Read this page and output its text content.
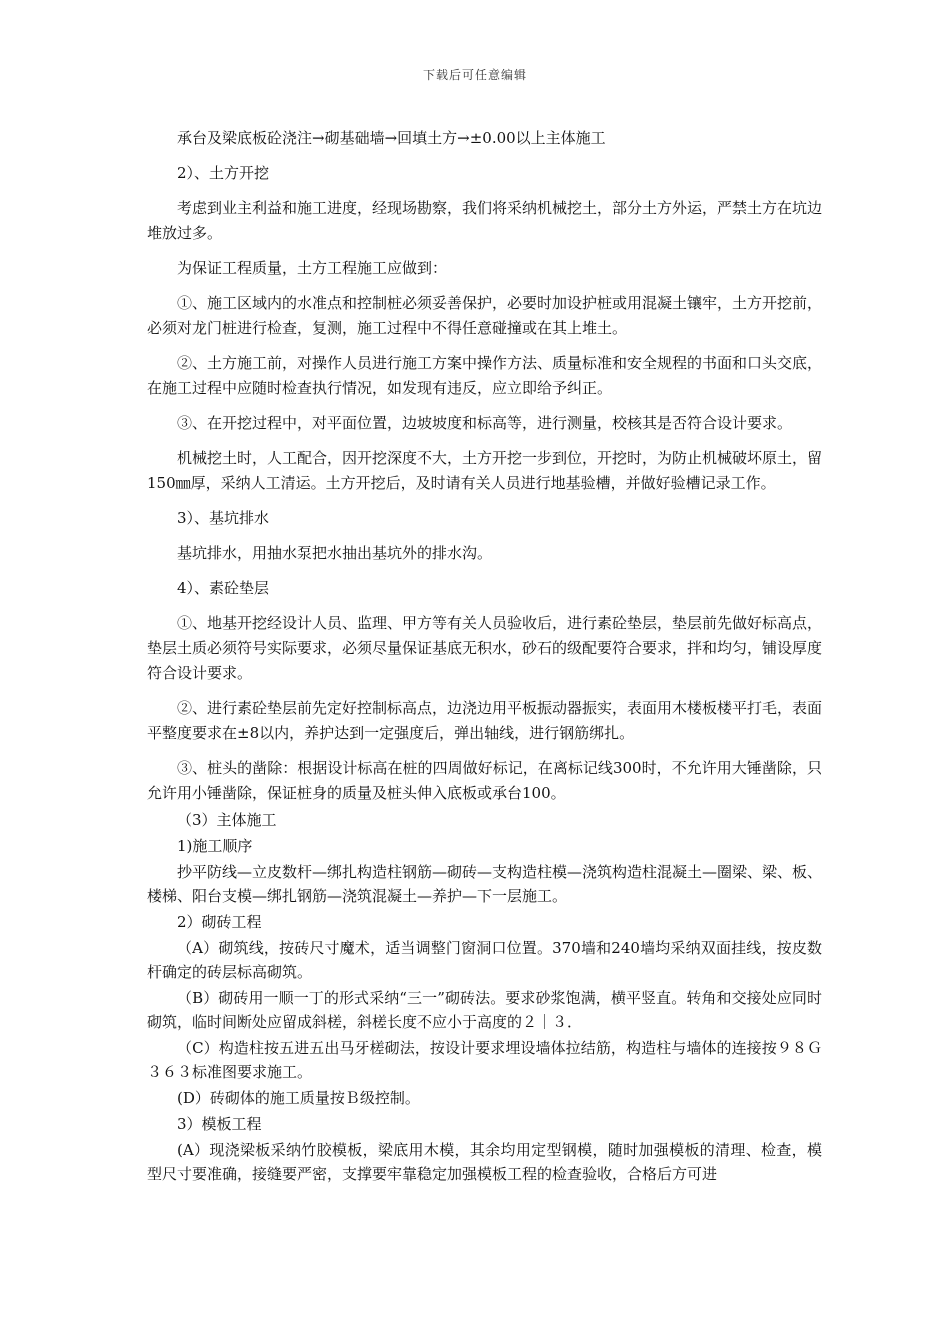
下载后可任意编辑

承台及梁底板砼浇注→砌基础墙→回填土方→±0.00以上主体施工

2）、土方开挖

考虑到业主利益和施工进度，经现场勘察，我们将采纳机械挖土，部分土方外运，严禁土方在坑边堆放过多。

为保证工程质量，土方工程施工应做到：

①、施工区域内的水准点和控制桩必须妥善保护，必要时加设护桩或用混凝土镶牢，土方开挖前，必须对龙门桩进行检查，复测，施工过程中不得任意碰撞或在其上堆土。

②、土方施工前，对操作人员进行施工方案中操作方法、质量标准和安全规程的书面和口头交底，在施工过程中应随时检查执行情况，如发现有违反，应立即给予纠正。

③、在开挖过程中，对平面位置，边坡坡度和标高等，进行测量，校核其是否符合设计要求。

机械挖土时，人工配合，因开挖深度不大，土方开挖一步到位，开挖时，为防止机械破坏原土，留150㎜厚，采纳人工清运。土方开挖后，及时请有关人员进行地基验槽，并做好验槽记录工作。

3）、基坑排水

基坑排水，用抽水泵把水抽出基坑外的排水沟。

4）、素砼垫层

①、地基开挖经设计人员、监理、甲方等有关人员验收后，进行素砼垫层，垫层前先做好标高点，垫层土质必须符号实际要求，必须尽量保证基底无积水，砂石的级配要符合要求，拌和均匀，铺设厚度符合设计要求。

②、进行素砼垫层前先定好控制标高点，边浇边用平板振动器振实，表面用木楼板楼平打毛，表面平整度要求在±8以内，养护达到一定强度后，弹出轴线，进行钢筋绑扎。

③、桩头的凿除：根据设计标高在桩的四周做好标记，在离标记线300时，不允许用大锤凿除，只允许用小锤凿除，保证桩身的质量及桩头伸入底板或承台100。

（3）主体施工

1)施工顺序

抄平防线—立皮数杆—绑扎构造柱钢筋—砌砖—支构造柱模—浇筑构造柱混凝土—圈梁、梁、板、楼梯、阳台支模—绑扎钢筋—浇筑混凝土—养护—下一层施工。

2）砌砖工程

（A）砌筑线，按砖尺寸魔术，适当调整门窗洞口位置。370墙和240墙均采纳双面挂线，按皮数杆确定的砖层标高砌筑。

（B）砌砖用一顺一丁的形式采纳“三一”砌砖法。要求砂浆饱满，横平竖直。转角和交接处应同时砌筑，临时间断处应留成斜槎，斜槎长度不应小于高度的２｜３．

（C）构造柱按五进五出马牙槎砌法，按设计要求埋设墙体拉结筋，构造柱与墙体的连接按９８Ｇ３６３标准图要求施工。

(D）砖砌体的施工质量按Ｂ级控制。

3）模板工程

(A）现浇梁板采纳竹胶模板，梁底用木模，其余均用定型钢模，随时加强模板的清理、检查，模型尺寸要准确，接缝要严密，支撑要牢靠稳定加强模板工程的检查验收，合格后方可进
